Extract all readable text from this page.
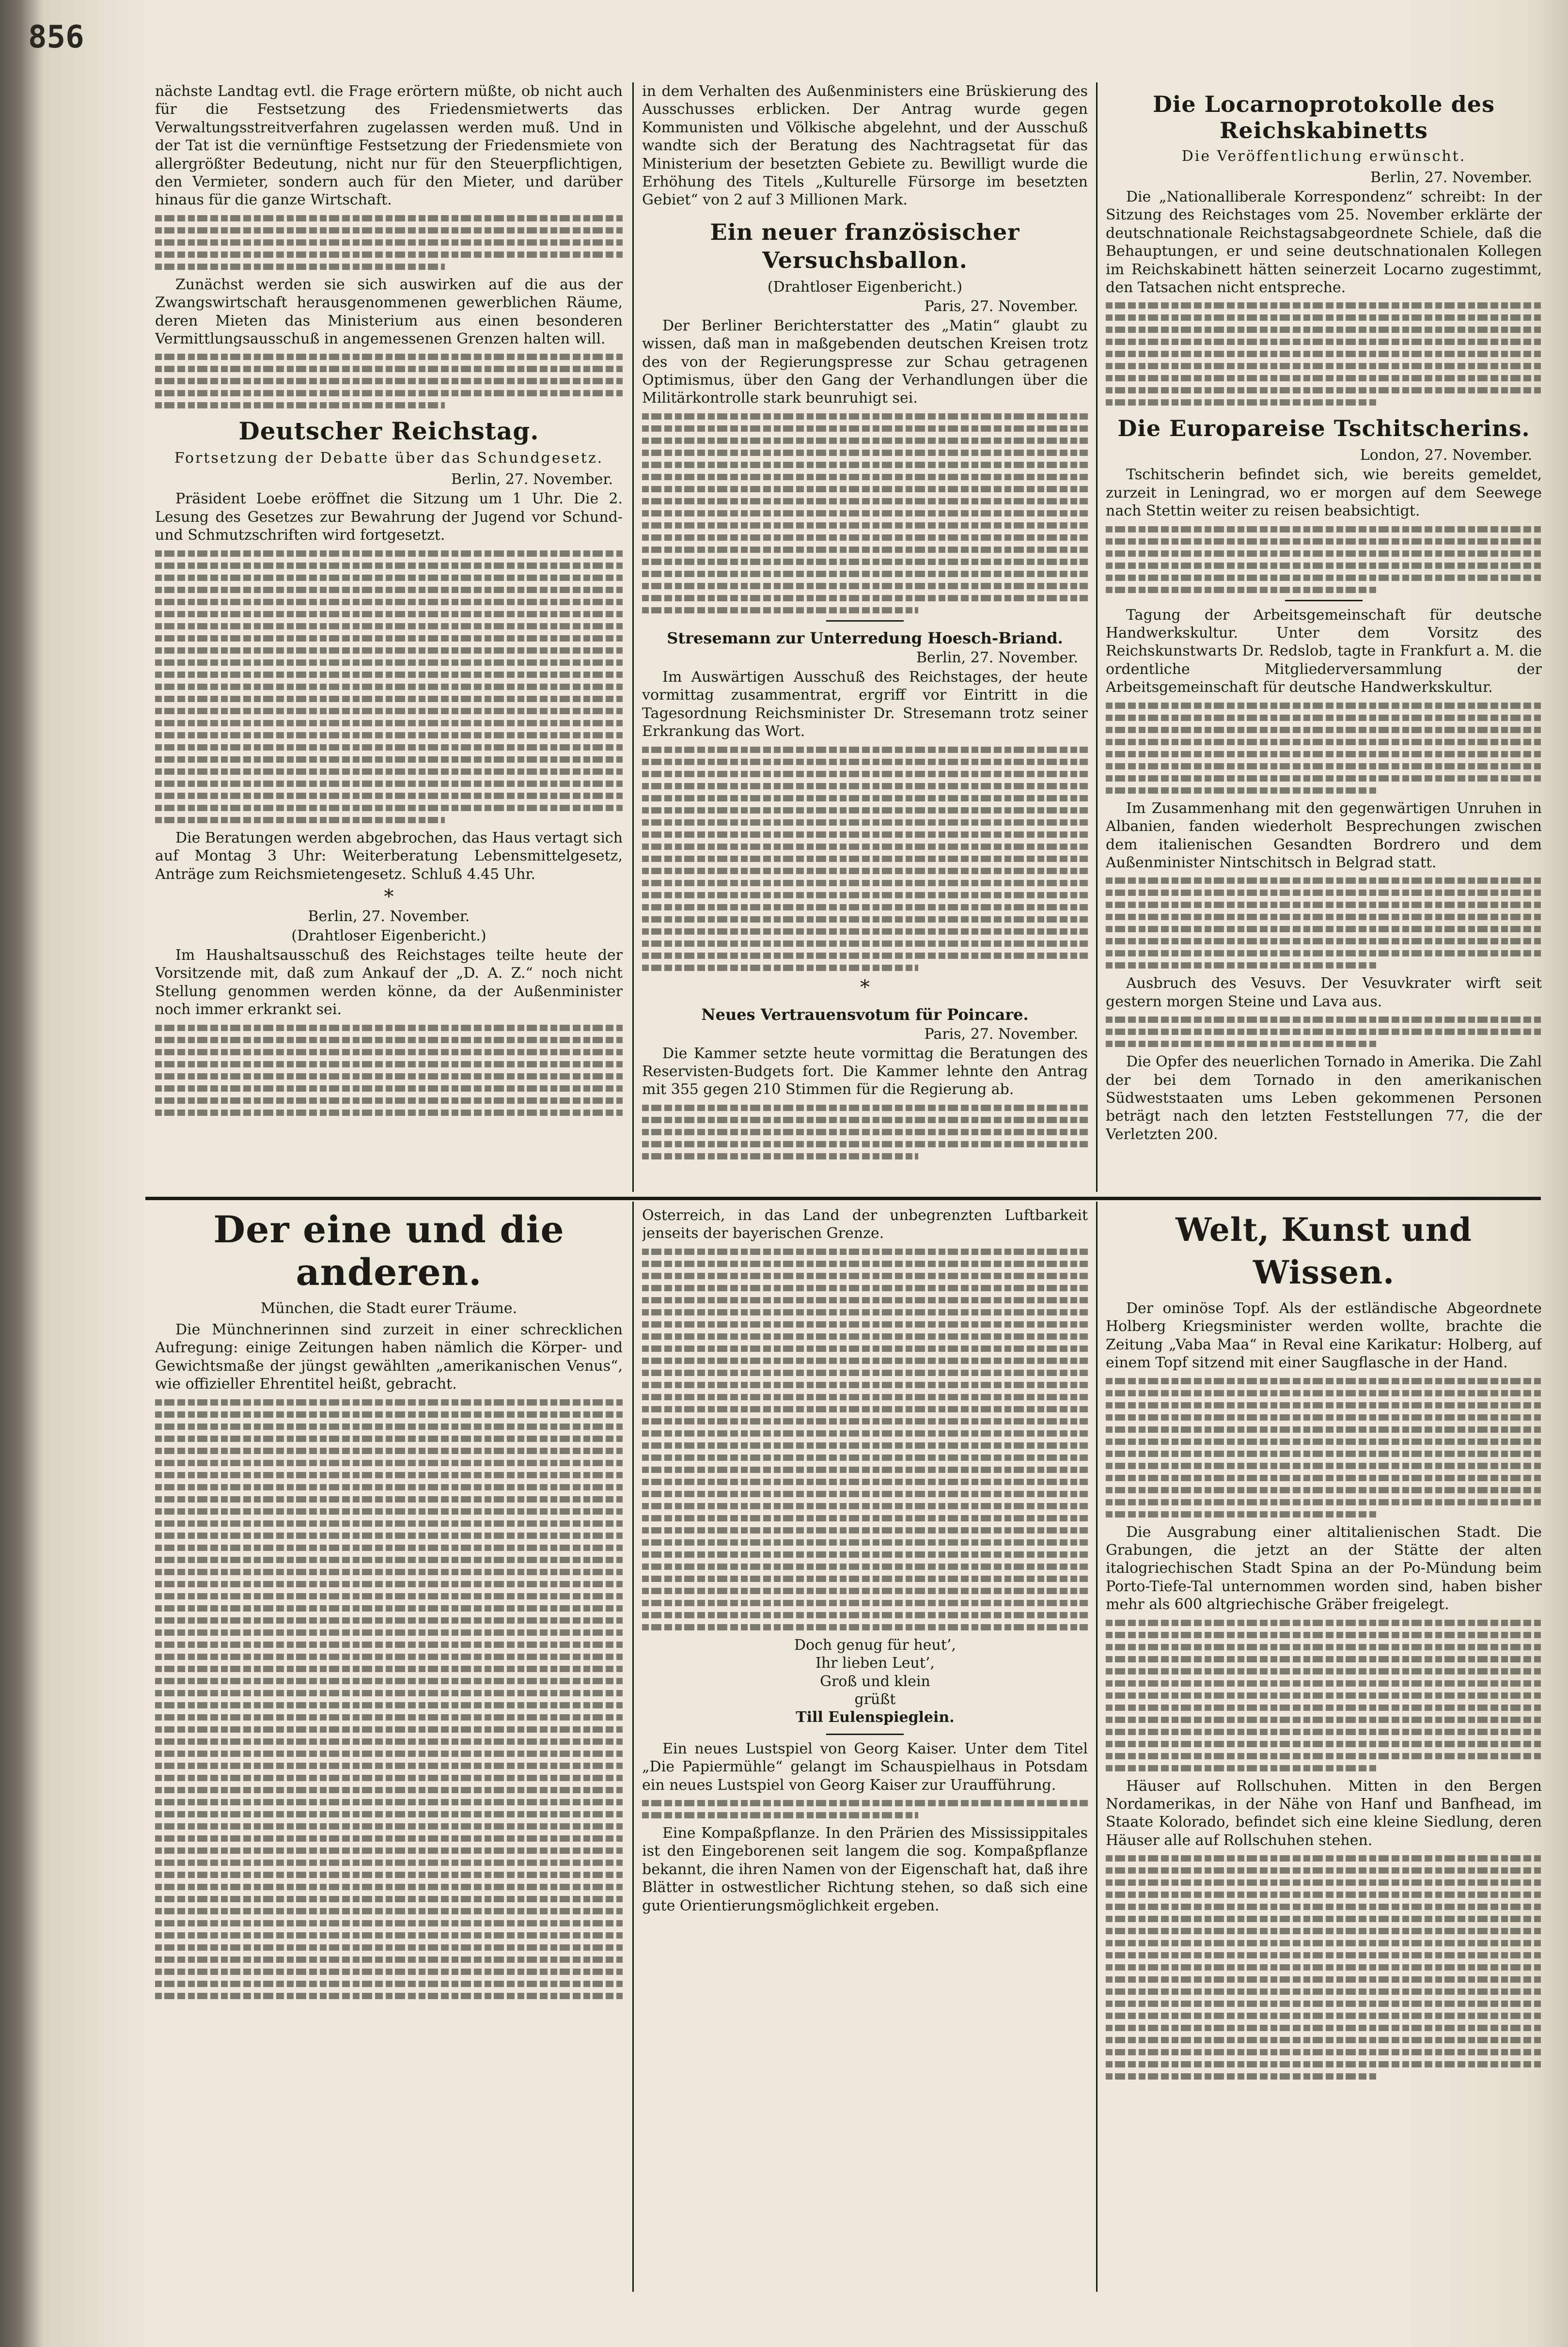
856

nächste Landtag evtl. die Frage erörtern müßte, ob nicht auch für die Festsetzung des Friedensmietwerts das Verwaltungsstreitverfahren zugelassen werden muß. Und in der Tat ist die vernünftige Festsetzung der Friedensmiete von allergrößter Bedeutung, nicht nur für den Steuerpflichtigen, den Vermieter, sondern auch für den Mieter, und darüber hinaus für die ganze Wirtschaft.

Zunächst werden sie sich auswirken auf die aus der Zwangswirtschaft herausgenommenen gewerblichen Räume, deren Mieten das Ministerium aus einen besonderen Vermittlungsausschuß in angemessenen Grenzen halten will.

Deutscher Reichstag.
Fortsetzung der Debatte über das Schundgesetz.
Berlin, 27. November.

Präsident Loebe eröffnet die Sitzung um 1 Uhr. Die 2. Lesung des Gesetzes zur Bewahrung der Jugend vor Schund- und Schmutzschriften wird fortgesetzt.

Die Beratungen werden abgebrochen, das Haus vertagt sich auf Montag 3 Uhr: Weiterberatung Lebensmittelgesetz, Anträge zum Reichsmietengesetz. Schluß 4.45 Uhr.

*
Berlin, 27. November.
(Drahtloser Eigenbericht.)

Im Haushaltsausschuß des Reichstages teilte heute der Vorsitzende mit, daß zum Ankauf der „D. A. Z.“ noch nicht Stellung genommen werden könne, da der Außenminister noch immer erkrankt sei.

in dem Verhalten des Außenministers eine Brüskierung des Ausschusses erblicken. Der Antrag wurde gegen Kommunisten und Völkische abgelehnt, und der Ausschuß wandte sich der Beratung des Nachtragsetat für das Ministerium der besetzten Gebiete zu. Bewilligt wurde die Erhöhung des Titels „Kulturelle Fürsorge im besetzten Gebiet“ von 2 auf 3 Millionen Mark.

Ein neuer französischer Versuchsballon.
(Drahtloser Eigenbericht.)
Paris, 27. November.

Der Berliner Berichterstatter des „Matin“ glaubt zu wissen, daß man in maßgebenden deutschen Kreisen trotz des von der Regierungspresse zur Schau getragenen Optimismus, über den Gang der Verhandlungen über die Militärkontrolle stark beunruhigt sei.

Stresemann zur Unterredung Hoesch-Briand.
Berlin, 27. November.

Im Auswärtigen Ausschuß des Reichstages, der heute vormittag zusammentrat, ergriff vor Eintritt in die Tagesordnung Reichsminister Dr. Stresemann trotz seiner Erkrankung das Wort.

*
Neues Vertrauensvotum für Poincare.
Paris, 27. November.

Die Kammer setzte heute vormittag die Beratungen des Reservisten-Budgets fort. Die Kammer lehnte den Antrag mit 355 gegen 210 Stimmen für die Regierung ab.

Die Locarnoprotokolle des Reichskabinetts
Die Veröffentlichung erwünscht.
Berlin, 27. November.

Die „Nationalliberale Korrespondenz“ schreibt: In der Sitzung des Reichstages vom 25. November erklärte der deutschnationale Reichstagsabgeordnete Schiele, daß die Behauptungen, er und seine deutschnationalen Kollegen im Reichskabinett hätten seinerzeit Locarno zugestimmt, den Tatsachen nicht entspreche.

Die Europareise Tschitscherins.
London, 27. November.

Tschitscherin befindet sich, wie bereits gemeldet, zurzeit in Leningrad, wo er morgen auf dem Seewege nach Stettin weiter zu reisen beabsichtigt.

Tagung der Arbeitsgemeinschaft für deutsche Handwerkskultur. Unter dem Vorsitz des Reichskunstwarts Dr. Redslob, tagte in Frankfurt a. M. die ordentliche Mitgliederversammlung der Arbeitsgemeinschaft für deutsche Handwerkskultur.

Im Zusammenhang mit den gegenwärtigen Unruhen in Albanien, fanden wiederholt Besprechungen zwischen dem italienischen Gesandten Bordrero und dem Außenminister Nintschitsch in Belgrad statt.

Ausbruch des Vesuvs. Der Vesuvkrater wirft seit gestern morgen Steine und Lava aus.

Die Opfer des neuerlichen Tornado in Amerika. Die Zahl der bei dem Tornado in den amerikanischen Südweststaaten ums Leben gekommenen Personen beträgt nach den letzten Feststellungen 77, die der Verletzten 200.

Der eine und die anderen.
München, die Stadt eurer Träume.

Die Münchnerinnen sind zurzeit in einer schrecklichen Aufregung: einige Zeitungen haben nämlich die Körper- und Gewichtsmaße der jüngst gewählten „amerikanischen Venus“, wie offizieller Ehrentitel heißt, gebracht.

Osterreich, in das Land der unbegrenzten Luftbarkeit jenseits der bayerischen Grenze.

Doch genug für heut’,

Ihr lieben Leut’,

Groß und klein

grüßt

Till Eulenspieglein.

Ein neues Lustspiel von Georg Kaiser. Unter dem Titel „Die Papiermühle“ gelangt im Schauspielhaus in Potsdam ein neues Lustspiel von Georg Kaiser zur Uraufführung.

Eine Kompaßpflanze. In den Prärien des Mississippitales ist den Eingeborenen seit langem die sog. Kompaßpflanze bekannt, die ihren Namen von der Eigenschaft hat, daß ihre Blätter in ostwestlicher Richtung stehen, so daß sich eine gute Orientierungsmöglichkeit ergeben.

Welt, Kunst und Wissen.

Der ominöse Topf. Als der estländische Abgeordnete Holberg Kriegsminister werden wollte, brachte die Zeitung „Vaba Maa“ in Reval eine Karikatur: Holberg, auf einem Topf sitzend mit einer Saugflasche in der Hand.

Die Ausgrabung einer altitalienischen Stadt. Die Grabungen, die jetzt an der Stätte der alten italogriechischen Stadt Spina an der Po-Mündung beim Porto-Tiefe-Tal unternommen worden sind, haben bisher mehr als 600 altgriechische Gräber freigelegt.

Häuser auf Rollschuhen. Mitten in den Bergen Nordamerikas, in der Nähe von Hanf und Banfhead, im Staate Kolorado, befindet sich eine kleine Siedlung, deren Häuser alle auf Rollschuhen stehen.
